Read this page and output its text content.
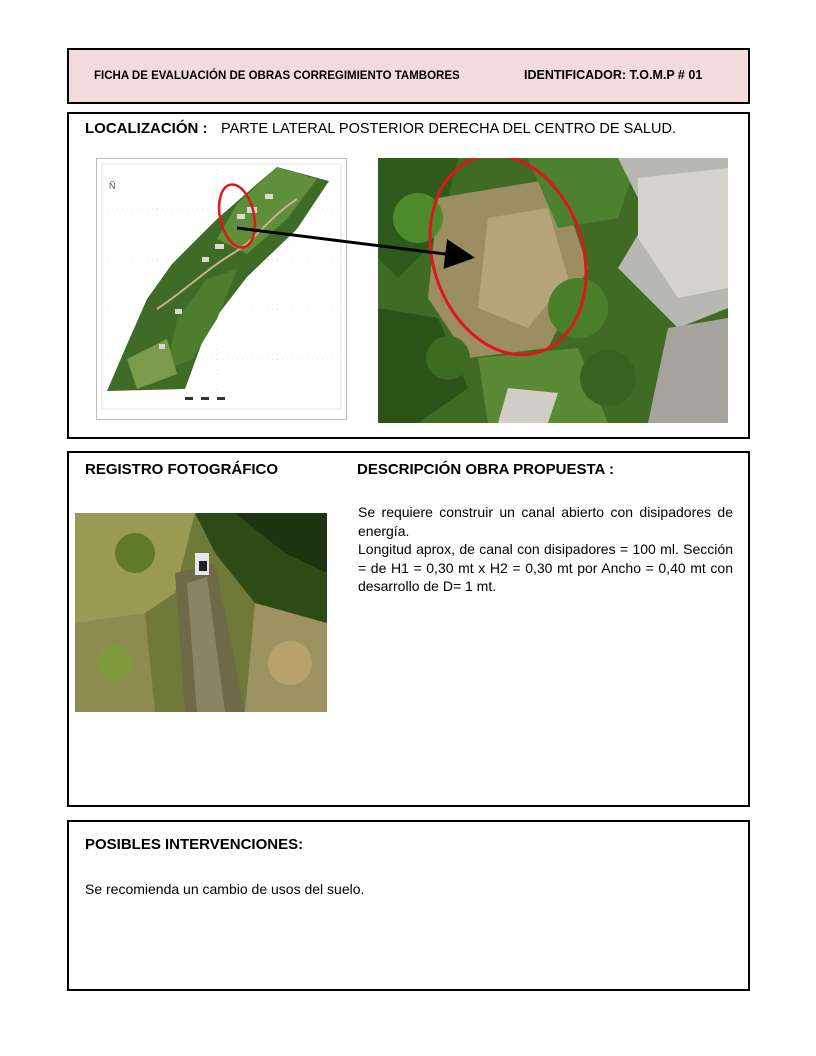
FICHA DE EVALUACIÓN DE OBRAS CORREGIMIENTO TAMBORES	IDENTIFICADOR: T.O.M.P # 01
LOCALIZACIÓN : PARTE LATERAL POSTERIOR DERECHA DEL CENTRO DE SALUD.
Ñ
REGISTRO FOTOGRÁFICO	DESCRIPCIÓN OBRA PROPUESTA :

Se requiere construir un canal abierto con disipadores de energía.

Longitud aprox, de canal con disipadores = 100 ml. Sección = de H1 = 0,30 mt x H2 = 0,30 mt por Ancho = 0,40 mt con desarrollo de D= 1 mt.

POSIBLES INTERVENCIONES:
Se recomienda un cambio de usos del suelo.
